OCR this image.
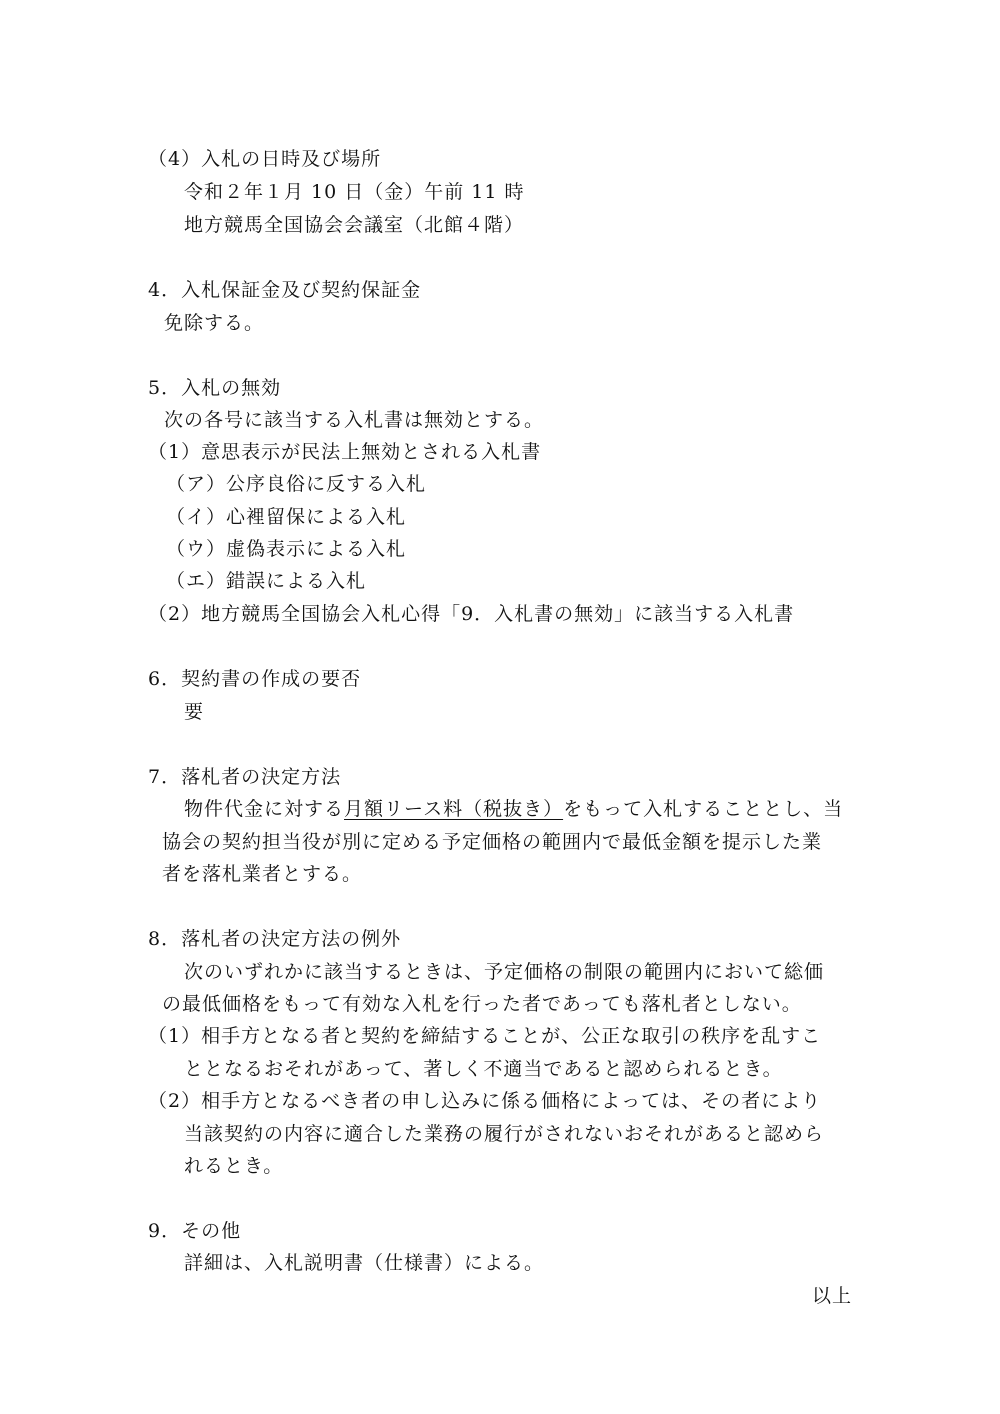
（4）入札の日時及び場所
令和２年１月 10 日（金）午前 11 時
地方競馬全国協会会議室（北館４階）
4．入札保証金及び契約保証金
免除する。
5．入札の無効
次の各号に該当する入札書は無効とする。
（1）意思表示が民法上無効とされる入札書
（ア）公序良俗に反する入札
（イ）心裡留保による入札
（ウ）虚偽表示による入札
（エ）錯誤による入札
（2）地方競馬全国協会入札心得「9．入札書の無効」に該当する入札書
6．契約書の作成の要否
要
7．落札者の決定方法
物件代金に対する月額リース料（税抜き）をもって入札することとし、当
協会の契約担当役が別に定める予定価格の範囲内で最低金額を提示した業
者を落札業者とする。
8．落札者の決定方法の例外
次のいずれかに該当するときは、予定価格の制限の範囲内において総価
の最低価格をもって有効な入札を行った者であっても落札者としない。
（1）相手方となる者と契約を締結することが、公正な取引の秩序を乱すこ
ととなるおそれがあって、著しく不適当であると認められるとき。
（2）相手方となるべき者の申し込みに係る価格によっては、その者により
当該契約の内容に適合した業務の履行がされないおそれがあると認めら
れるとき。
9．その他
詳細は、入札説明書（仕様書）による。
以上
